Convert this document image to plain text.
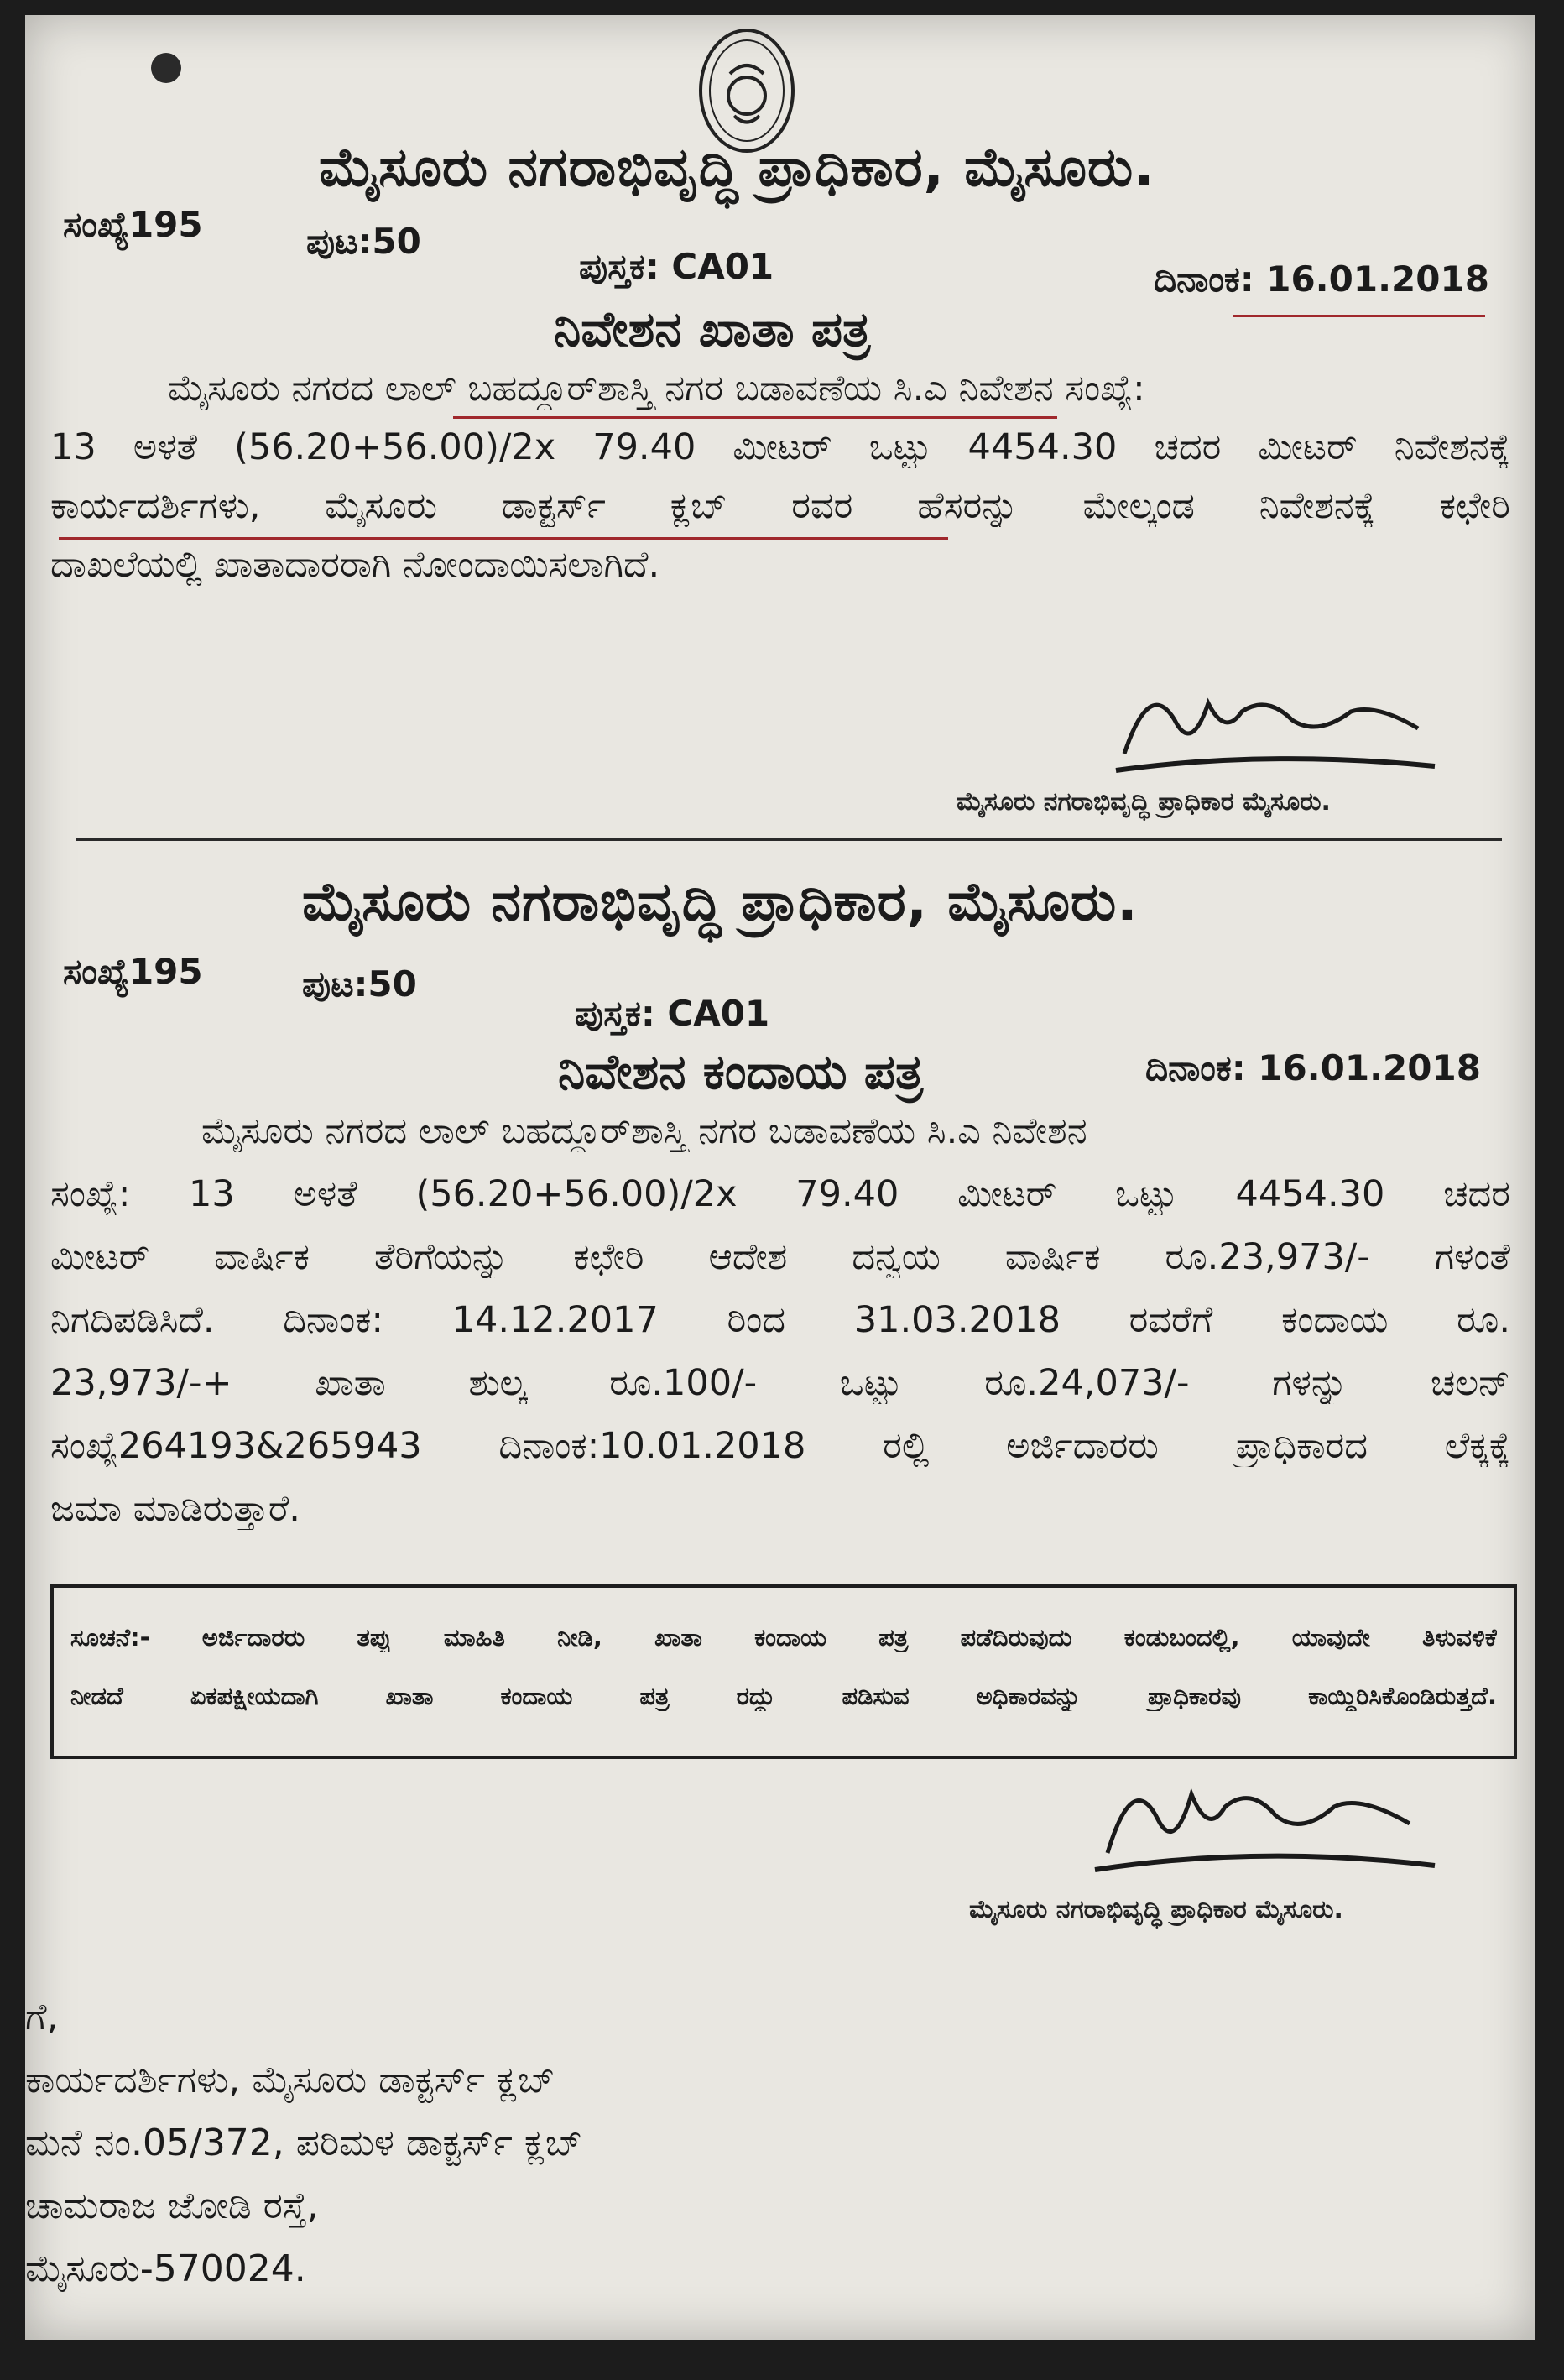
ಮೈಸೂರು ನಗರಾಭಿವೃದ್ಧಿ ಪ್ರಾಧಿಕಾರ, ಮೈಸೂರು.
ಸಂಖ್ಯೆ195	ಪುಟ:50
ಪುಸ್ತಕ: CA01	ದಿನಾಂಕ: 16.01.2018
ನಿವೇಶನ ಖಾತಾ ಪತ್ರ
ಮೈಸೂರು ನಗರದ ಲಾಲ್ ಬಹದ್ದೂರ್‌ಶಾಸ್ತ್ರಿ ನಗರ ಬಡಾವಣೆಯ ಸಿ.ಎ ನಿವೇಶನ ಸಂಖ್ಯೆ:
13 ಅಳತೆ (56.20+56.00)/2x 79.40 ಮೀಟರ್ ಒಟ್ಟು 4454.30 ಚದರ ಮೀಟರ್ ನಿವೇಶನಕ್ಕೆ
ಕಾರ್ಯದರ್ಶಿಗಳು, ಮೈಸೂರು ಡಾಕ್ಟರ್ಸ್ ಕ್ಲಬ್ ರವರ ಹೆಸರನ್ನು ಮೇಲ್ಕಂಡ ನಿವೇಶನಕ್ಕೆ ಕಛೇರಿ
ದಾಖಲೆಯಲ್ಲಿ ಖಾತಾದಾರರಾಗಿ ನೋಂದಾಯಿಸಲಾಗಿದೆ.
ಮೈಸೂರು ನಗರಾಭಿವೃದ್ಧಿ ಪ್ರಾಧಿಕಾರ ಮೈಸೂರು.
ಮೈಸೂರು ನಗರಾಭಿವೃದ್ಧಿ ಪ್ರಾಧಿಕಾರ, ಮೈಸೂರು.
ಸಂಖ್ಯೆ195	ಪುಟ:50
ಪುಸ್ತಕ: CA01
ದಿನಾಂಕ: 16.01.2018
ನಿವೇಶನ ಕಂದಾಯ ಪತ್ರ
ಮೈಸೂರು ನಗರದ ಲಾಲ್ ಬಹದ್ದೂರ್‌ಶಾಸ್ತ್ರಿ ನಗರ ಬಡಾವಣೆಯ ಸಿ.ಎ ನಿವೇಶನ
ಸಂಖ್ಯೆ: 13 ಅಳತೆ (56.20+56.00)/2x 79.40 ಮೀಟರ್ ಒಟ್ಟು 4454.30 ಚದರ
ಮೀಟರ್ ವಾರ್ಷಿಕ ತೆರಿಗೆಯನ್ನು ಕಛೇರಿ ಆದೇಶ ದನ್ವಯ ವಾರ್ಷಿಕ ರೂ.23,973/- ಗಳಂತೆ
ನಿಗದಿಪಡಿಸಿದೆ. ದಿನಾಂಕ: 14.12.2017 ರಿಂದ 31.03.2018 ರವರೆಗೆ ಕಂದಾಯ ರೂ.
23,973/-+ ಖಾತಾ ಶುಲ್ಕ ರೂ.100/- ಒಟ್ಟು ರೂ.24,073/- ಗಳನ್ನು ಚಲನ್
ಸಂಖ್ಯೆ264193&265943 ದಿನಾಂಕ:10.01.2018 ರಲ್ಲಿ ಅರ್ಜಿದಾರರು ಪ್ರಾಧಿಕಾರದ ಲೆಕ್ಕಕ್ಕೆ
ಜಮಾ ಮಾಡಿರುತ್ತಾರೆ.
ಸೂಚನೆ:- ಅರ್ಜಿದಾರರು ತಪ್ಪು ಮಾಹಿತಿ ನೀಡಿ, ಖಾತಾ ಕಂದಾಯ ಪತ್ರ ಪಡೆದಿರುವುದು ಕಂಡುಬಂದಲ್ಲಿ, ಯಾವುದೇ ತಿಳುವಳಿಕೆ
ನೀಡದೆ ಏಕಪಕ್ಷೀಯದಾಗಿ ಖಾತಾ ಕಂದಾಯ ಪತ್ರ ರದ್ದು ಪಡಿಸುವ ಅಧಿಕಾರವನ್ನು ಪ್ರಾಧಿಕಾರವು ಕಾಯ್ದಿರಿಸಿಕೊಂಡಿರುತ್ತದೆ.
ಮೈಸೂರು ನಗರಾಭಿವೃದ್ಧಿ ಪ್ರಾಧಿಕಾರ ಮೈಸೂರು.
ಗೆ,
ಕಾರ್ಯದರ್ಶಿಗಳು, ಮೈಸೂರು ಡಾಕ್ಟರ್ಸ್ ಕ್ಲಬ್
ಮನೆ ನಂ.05/372, ಪರಿಮಳ ಡಾಕ್ಟರ್ಸ್ ಕ್ಲಬ್
ಚಾಮರಾಜ ಜೋಡಿ ರಸ್ತೆ,
ಮೈಸೂರು-570024.
